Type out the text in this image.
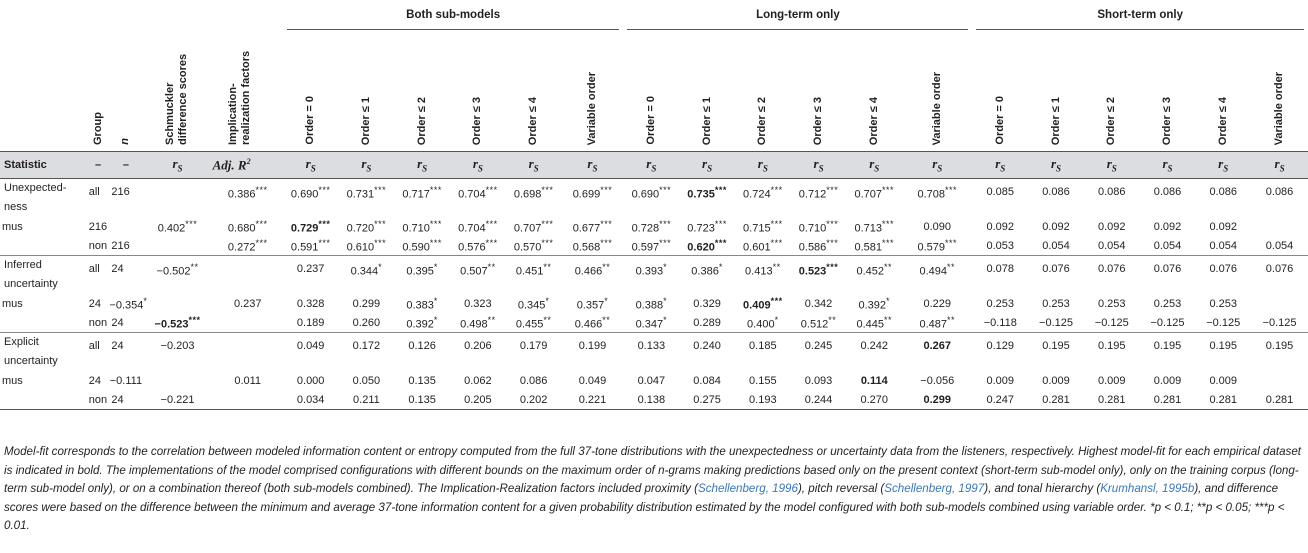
					Both sub-models						Long-term only						Short-term only					

	Group	n	Schmuckler difference scores	Implication-realization factors	Order = 0	Order ≤ 1	Order ≤ 2	Order ≤ 3	Order ≤ 4	Variable order	Order = 0	Order ≤ 1	Order ≤ 2	Order ≤ 3	Order ≤ 4	Variable order	Order = 0	Order ≤ 1	Order ≤ 2	Order ≤ 3	Order ≤ 4	Variable order

Statistic	–	–	$r_S$	Adj. $R^2$	$r_S$	$r_S$	$r_S$	$r_S$	$r_S$	$r_S$	$r_S$	$r_S$	$r_S$	$r_S$	$r_S$	$r_S$	$r_S$	$r_S$	$r_S$	$r_S$	$r_S$	$r_S$

Unexpected-
ness	all	216		0.386***	0.690***	0.731***	0.717***	0.704***	0.698***	0.699***	0.690***	0.735***	0.724***	0.712***	0.707***	0.708***	0.085	0.086	0.086	0.086	0.086	0.086

mus	216		0.402***	0.680***	0.729***	0.720***	0.710***	0.704***	0.707***	0.677***	0.728***	0.723***	0.715***	0.710***	0.713***	0.090	0.092	0.092	0.092	0.092	0.092	
	non	216		0.272***	0.591***	0.610***	0.590***	0.576***	0.570***	0.568***	0.597***	0.620***	0.601***	0.586***	0.581***	0.579***	0.053	0.054	0.054	0.054	0.054	0.054

Inferred
uncertainty	all	24	−0.502**		0.237	0.344*	0.395*	0.507**	0.451**	0.466**	0.393*	0.386*	0.413**	0.523***	0.452**	0.494**	0.078	0.076	0.076	0.076	0.076	0.076

mus	24	−0.354*		0.237	0.328	0.299	0.383*	0.323	0.345*	0.357*	0.388*	0.329	0.409***	0.342	0.392*	0.229	0.253	0.253	0.253	0.253	0.253	
	non	24	−0.523***		0.189	0.260	0.392*	0.498**	0.455**	0.466**	0.347*	0.289	0.400*	0.512**	0.445**	0.487**	−0.118	−0.125	−0.125	−0.125	−0.125	−0.125

Explicit
uncertainty	all	24	−0.203		0.049	0.172	0.126	0.206	0.179	0.199	0.133	0.240	0.185	0.245	0.242	0.267	0.129	0.195	0.195	0.195	0.195	0.195

mus	24	−0.111		0.011	0.000	0.050	0.135	0.062	0.086	0.049	0.047	0.084	0.155	0.093	0.114	−0.056	0.009	0.009	0.009	0.009	0.009	
	non	24	−0.221		0.034	0.211	0.135	0.205	0.202	0.221	0.138	0.275	0.193	0.244	0.270	0.299	0.247	0.281	0.281	0.281	0.281	0.281

Model-fit corresponds to the correlation between modeled information content or entropy computed from the full 37-tone distributions with the unexpectedness or uncertainty data from the listeners, respectively. Highest model-fit for each empirical dataset is indicated in bold. The implementations of the model comprised configurations with different bounds on the maximum order of n-grams making predictions based only on the present context (short-term sub-model only), only on the training corpus (long-term sub-model only), or on a combination thereof (both sub-models combined). The Implication-Realization factors included proximity (Schellenberg, 1996), pitch reversal (Schellenberg, 1997), and tonal hierarchy (Krumhansl, 1995b), and difference scores were based on the difference between the minimum and average 37-tone information content for a given probability distribution estimated by the model configured with both sub-models combined using variable order. *p < 0.1; **p < 0.05; ***p < 0.01.
